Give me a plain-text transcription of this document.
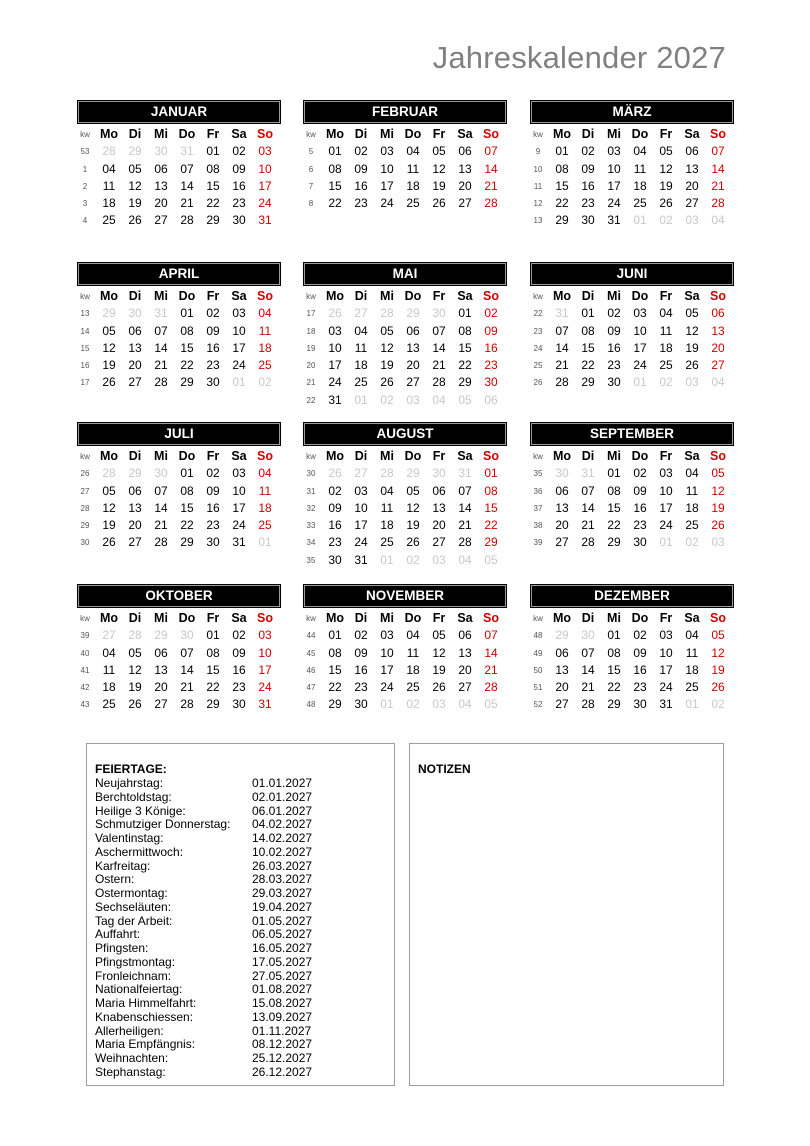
Jahreskalender 2027
JANUAR
kw Mo Di	Mi Do Fr Sa So
53	28	29	30	31	01	02	03
1	04	05	06	07	08	09	10
2	11	12	13	14	15	16	17
3	18	19	20	21	22	23	24
4	25	26	27	28	29	30	31
FEBRUAR
kw Mo Di	Mi Do Fr Sa So
5	01	02	03	04	05	06	07
6	08	09	10	11	12	13	14
7	15	16	17	18	19	20	21
8	22	23	24	25	26	27	28
MÄRZ
kw Mo Di	Mi Do Fr Sa So
9	01	02	03	04	05	06	07
10	08	09	10	11	12	13	14
11	15	16	17	18	19	20	21
12	22	23	24	25	26	27	28
13	29	30	31	01	02	03	04
APRIL
kw Mo Di	Mi Do Fr Sa So
13	29	30	31	01	02	03	04
14	05	06	07	08	09	10	11
15	12	13	14	15	16	17	18
16	19	20	21	22	23	24	25
17	26	27	28	29	30	01	02
MAI
kw Mo Di	Mi Do Fr Sa So
17	26	27	28	29	30	01	02
18	03	04	05	06	07	08	09
19	10	11	12	13	14	15	16
20	17	18	19	20	21	22	23
21	24	25	26	27	28	29	30
22	31	01	02	03	04	05	06
JUNI
kw Mo Di	Mi Do Fr Sa So
22	31	01	02	03	04	05	06
23	07	08	09	10	11	12	13
24	14	15	16	17	18	19	20
25	21	22	23	24	25	26	27
26	28	29	30	01	02	03	04
JULI
kw Mo Di	Mi Do Fr Sa So
26	28	29	30	01	02	03	04
27	05	06	07	08	09	10	11
28	12	13	14	15	16	17	18
29	19	20	21	22	23	24	25
30	26	27	28	29	30	31	01
AUGUST
kw Mo Di	Mi Do Fr Sa So
30	26	27	28	29	30	31	01
31	02	03	04	05	06	07	08
32	09	10	11	12	13	14	15
33	16	17	18	19	20	21	22
34	23	24	25	26	27	28	29
35	30	31	01	02	03	04	05
SEPTEMBER
kw Mo Di	Mi Do Fr Sa So
35	30	31	01	02	03	04	05
36	06	07	08	09	10	11	12
37	13	14	15	16	17	18	19
38	20	21	22	23	24	25	26
39	27	28	29	30	01	02	03
OKTOBER
kw Mo Di	Mi Do Fr Sa So
39	27	28	29	30	01	02	03
40	04	05	06	07	08	09	10
41	11	12	13	14	15	16	17
42	18	19	20	21	22	23	24
43	25	26	27	28	29	30	31
NOVEMBER
kw Mo Di	Mi Do Fr Sa So
44	01	02	03	04	05	06	07
45	08	09	10	11	12	13	14
46	15	16	17	18	19	20	21
47	22	23	24	25	26	27	28
48	29	30	01	02	03	04	05
DEZEMBER
kw Mo Di	Mi Do Fr Sa So
48	29	30	01	02	03	04	05
49	06	07	08	09	10	11	12
50	13	14	15	16	17	18	19
51	20	21	22	23	24	25	26
52	27	28	29	30	31	01	02
FEIERTAGE:
Neujahrstag:	01.01.2027
Berchtoldstag:	02.01.2027
Heilige 3 Könige:	06.01.2027
Schmutziger Donnerstag: 04.02.2027
Valentinstag:	14.02.2027
Aschermittwoch:	10.02.2027
Karfreitag:	26.03.2027
Ostern:	28.03.2027
Ostermontag:	29.03.2027
Sechseläuten:	19.04.2027
Tag der Arbeit:	01.05.2027
Auffahrt:	06.05.2027
Pfingsten:	16.05.2027
Pfingstmontag:	17.05.2027
Fronleichnam:	27.05.2027
Nationalfeiertag:	01.08.2027
Maria Himmelfahrt:	15.08.2027
Knabenschiessen:	13.09.2027
Allerheiligen:	01.11.2027
Maria Empfängnis:	08.12.2027
Weihnachten:	25.12.2027
Stephanstag:	26.12.2027
NOTIZEN
